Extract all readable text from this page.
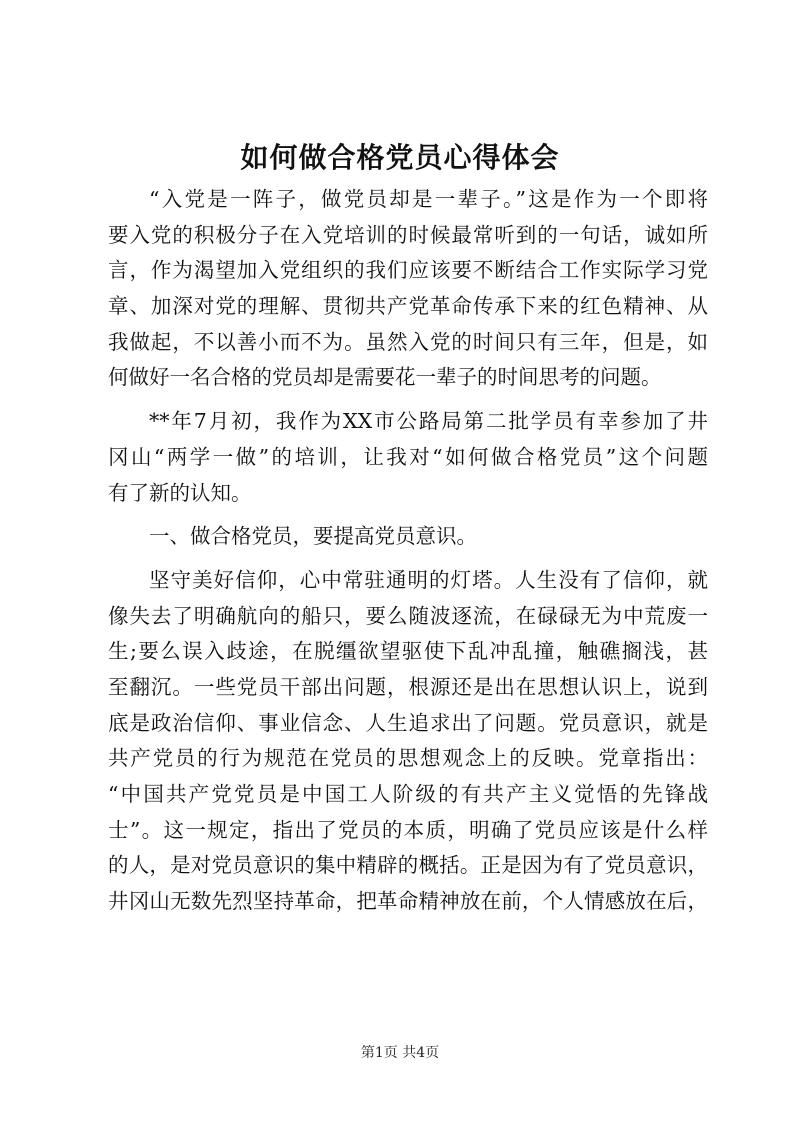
如何做合格党员心得体会
“入党是一阵子，做党员却是一辈子。”这是作为一个即将
要入党的积极分子在入党培训的时候最常听到的一句话，诚如所
言，作为渴望加入党组织的我们应该要不断结合工作实际学习党
章、加深对党的理解、贯彻共产党革命传承下来的红色精神、从
我做起，不以善小而不为。虽然入党的时间只有三年，但是，如
何做好一名合格的党员却是需要花一辈子的时间思考的问题。
**年7月初，我作为XX市公路局第二批学员有幸参加了井
冈山“两学一做”的培训，让我对“如何做合格党员”这个问题
有了新的认知。
一、做合格党员，要提高党员意识。
坚守美好信仰，心中常驻通明的灯塔。人生没有了信仰，就
像失去了明确航向的船只，要么随波逐流，在碌碌无为中荒废一
生;要么误入歧途，在脱缰欲望驱使下乱冲乱撞，触礁搁浅，甚
至翻沉。一些党员干部出问题，根源还是出在思想认识上，说到
底是政治信仰、事业信念、人生追求出了问题。党员意识，就是
共产党员的行为规范在党员的思想观念上的反映。党章指出：
“中国共产党党员是中国工人阶级的有共产主义觉悟的先锋战
士”。这一规定，指出了党员的本质，明确了党员应该是什么样
的人，是对党员意识的集中精辟的概括。正是因为有了党员意识，
井冈山无数先烈坚持革命，把革命精神放在前，个人情感放在后，
第1页 共4页
